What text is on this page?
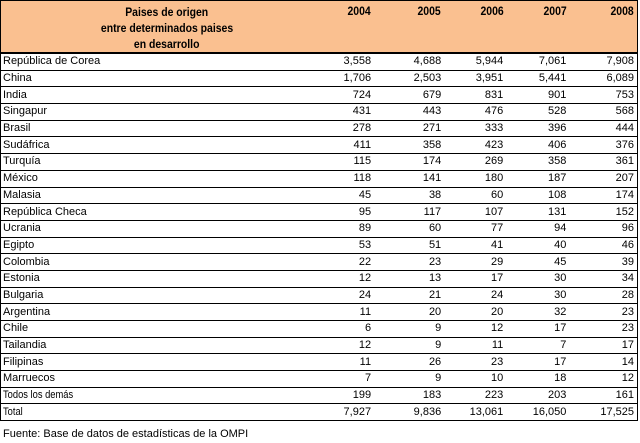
Paises de origen
entre determinados paises
en desarrollo	2004	2005	2006	2007	2008
República de Corea	3,558	4,688	5,944	7,061	7,908
China	1,706	2,503	3,951	5,441	6,089
India	724	679	831	901	753
Singapur	431	443	476	528	568
Brasil	278	271	333	396	444
Sudáfrica	411	358	423	406	376
Turquía	115	174	269	358	361
México	118	141	180	187	207
Malasia	45	38	60	108	174
República Checa	95	117	107	131	152
Ucrania	89	60	77	94	96
Egipto	53	51	41	40	46
Colombia	22	23	29	45	39
Estonia	12	13	17	30	34
Bulgaria	24	21	24	30	28
Argentina	11	20	20	32	23
Chile	6	9	12	17	23
Tailandia	12	9	11	7	17
Filipinas	11	26	23	17	14
Marruecos	7	9	10	18	12
Todos los demás	199	183	223	203	161
Total	7,927	9,836	13,061	16,050	17,525
Fuente: Base de datos de estadísticas de la OMPI
